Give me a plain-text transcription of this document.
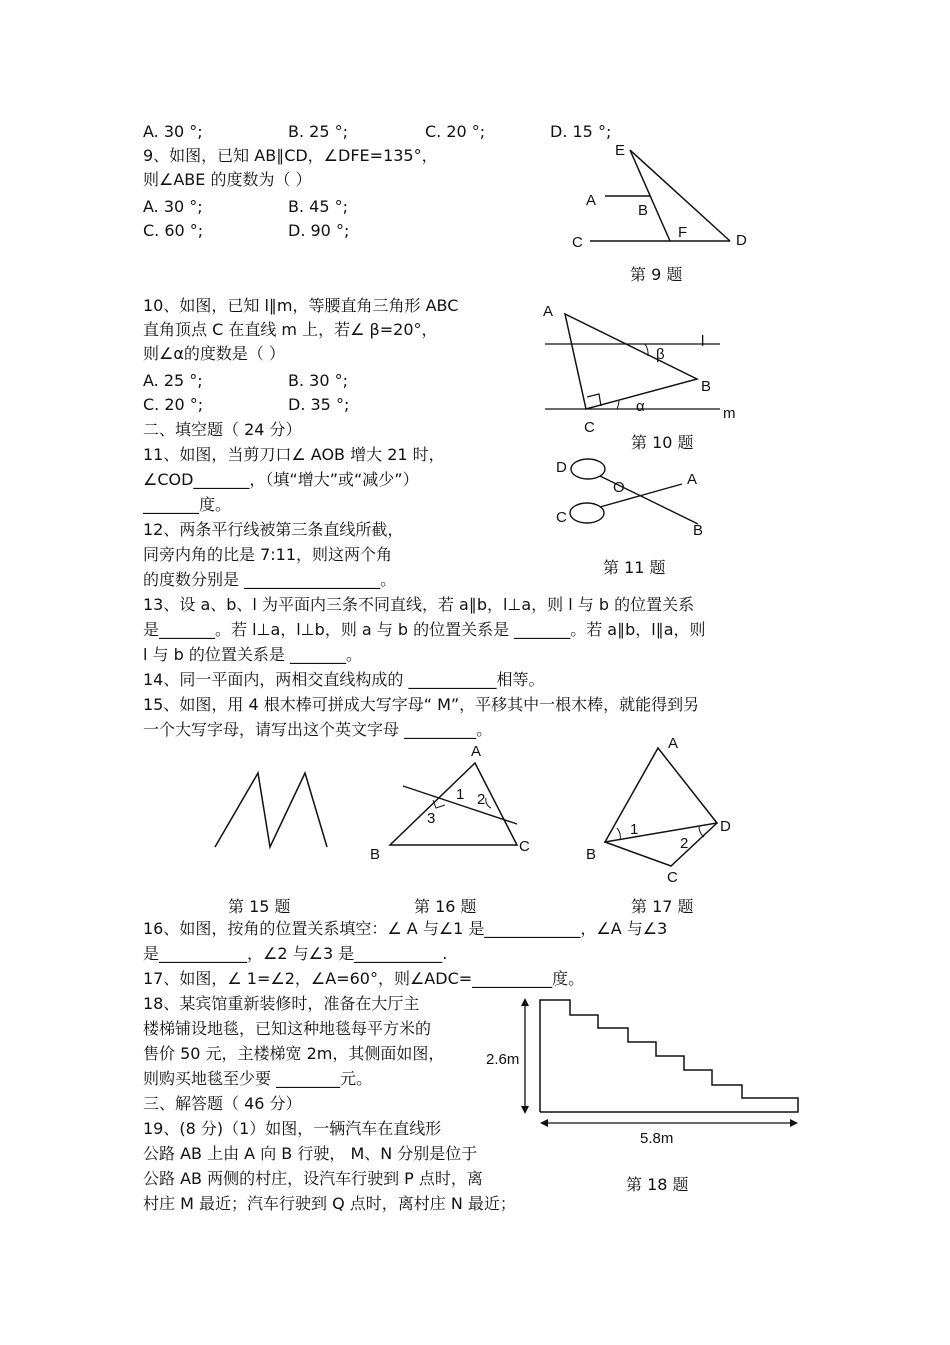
A. 30 °;	B. 25 °;	C. 20 °;	D. 15 °;
9、如图，已知 AB∥CD，∠DFE=135°，
则∠ABE 的度数为（ ）
A. 30 °;	B. 45 °;
C. 60 °;	D. 90 °;
E
A
B
C
F	D
第 9 题
10、如图，已知 l∥m，等腰直角三角形 ABC
直角顶点 C 在直线 m 上，若∠ β=20°，
则∠α的度数是（ ）
A. 25 °;	B. 30 °;
C. 20 °;	D. 35 °;
A
B
C
l
m
β
α
第 10 题
二、填空题（ 24 分）
11、如图，当剪刀口∠ AOB 增大 21 时，
∠COD_______，（填“增大”或“减少”）
_______度。
D
O	A
C
B
第 11 题
12、两条平行线被第三条直线所截，
同旁内角的比是 7:11，则这两个角
的度数分别是 _________________。
13、设 a、b、l 为平面内三条不同直线，若 a∥b，l⊥a，则 l 与 b 的位置关系
是_______。若 l⊥a，l⊥b，则 a 与 b 的位置关系是 _______。若 a∥b，l∥a，则
l 与 b 的位置关系是 _______。
14、同一平面内，两相交直线构成的 ___________相等。
15、如图，用 4 根木棒可拼成大写字母“ M”，平移其中一根木棒，就能得到另
一个大写字母，请写出这个英文字母 _________。
第 15 题
A
B	C
1 2
3
第 16 题
A
B
C
D
1
2
第 17 题
16、如图，按角的位置关系填空：∠ A 与∠1 是____________，∠A 与∠3
是___________，∠2 与∠3 是___________.
17、如图，∠ 1=∠2，∠A=60°，则∠ADC=__________度。
18、某宾馆重新装修时，准备在大厅主
楼梯铺设地毯，已知这种地毯每平方米的
售价 50 元，主楼梯宽 2m，其侧面如图，
则购买地毯至少要 ________元。
2.6m
5.8m
第 18 题
三、解答题（ 46 分）
19、(8 分)（1）如图，一辆汽车在直线形
公路 AB 上由 A 向 B 行驶， M、N 分别是位于
公路 AB 两侧的村庄，设汽车行驶到 P 点时，离
村庄 M 最近；汽车行驶到 Q 点时，离村庄 N 最近；
